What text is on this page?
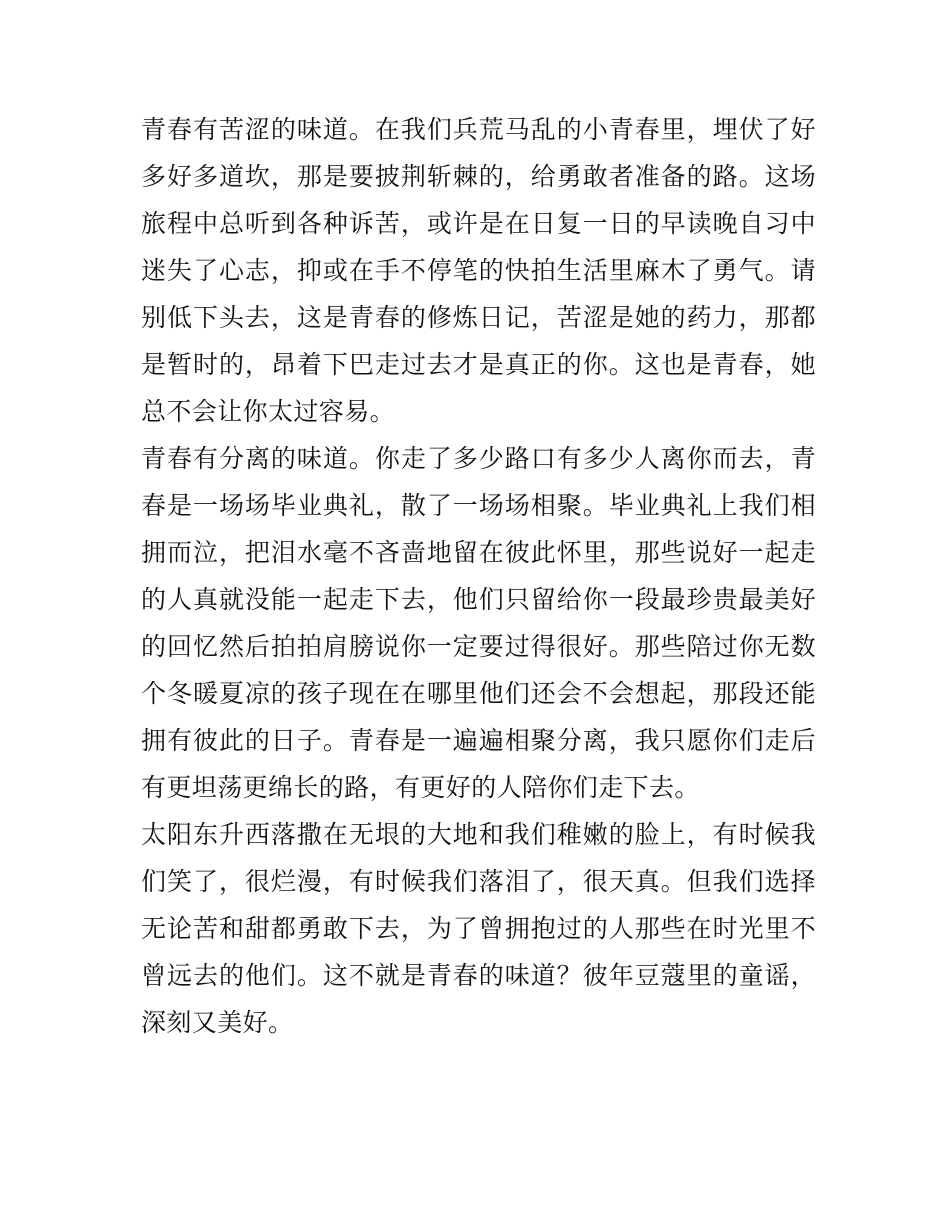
青春有苦涩的味道。在我们兵荒马乱的小青春里，埋伏了好多好多道坎，那是要披荆斩棘的，给勇敢者准备的路。这场旅程中总听到各种诉苦，或许是在日复一日的早读晚自习中迷失了心志，抑或在手不停笔的快拍生活里麻木了勇气。请别低下头去，这是青春的修炼日记，苦涩是她的药力，那都是暂时的，昂着下巴走过去才是真正的你。这也是青春，她总不会让你太过容易。

青春有分离的味道。你走了多少路口有多少人离你而去，青春是一场场毕业典礼，散了一场场相聚。毕业典礼上我们相拥而泣，把泪水毫不吝啬地留在彼此怀里，那些说好一起走的人真就没能一起走下去，他们只留给你一段最珍贵最美好的回忆然后拍拍肩膀说你一定要过得很好。那些陪过你无数个冬暖夏凉的孩子现在在哪里他们还会不会想起，那段还能拥有彼此的日子。青春是一遍遍相聚分离，我只愿你们走后有更坦荡更绵长的路，有更好的人陪你们走下去。

太阳东升西落撒在无垠的大地和我们稚嫩的脸上，有时候我们笑了，很烂漫，有时候我们落泪了，很天真。但我们选择无论苦和甜都勇敢下去，为了曾拥抱过的人那些在时光里不曾远去的他们。这不就是青春的味道？彼年豆蔻里的童谣，深刻又美好。
